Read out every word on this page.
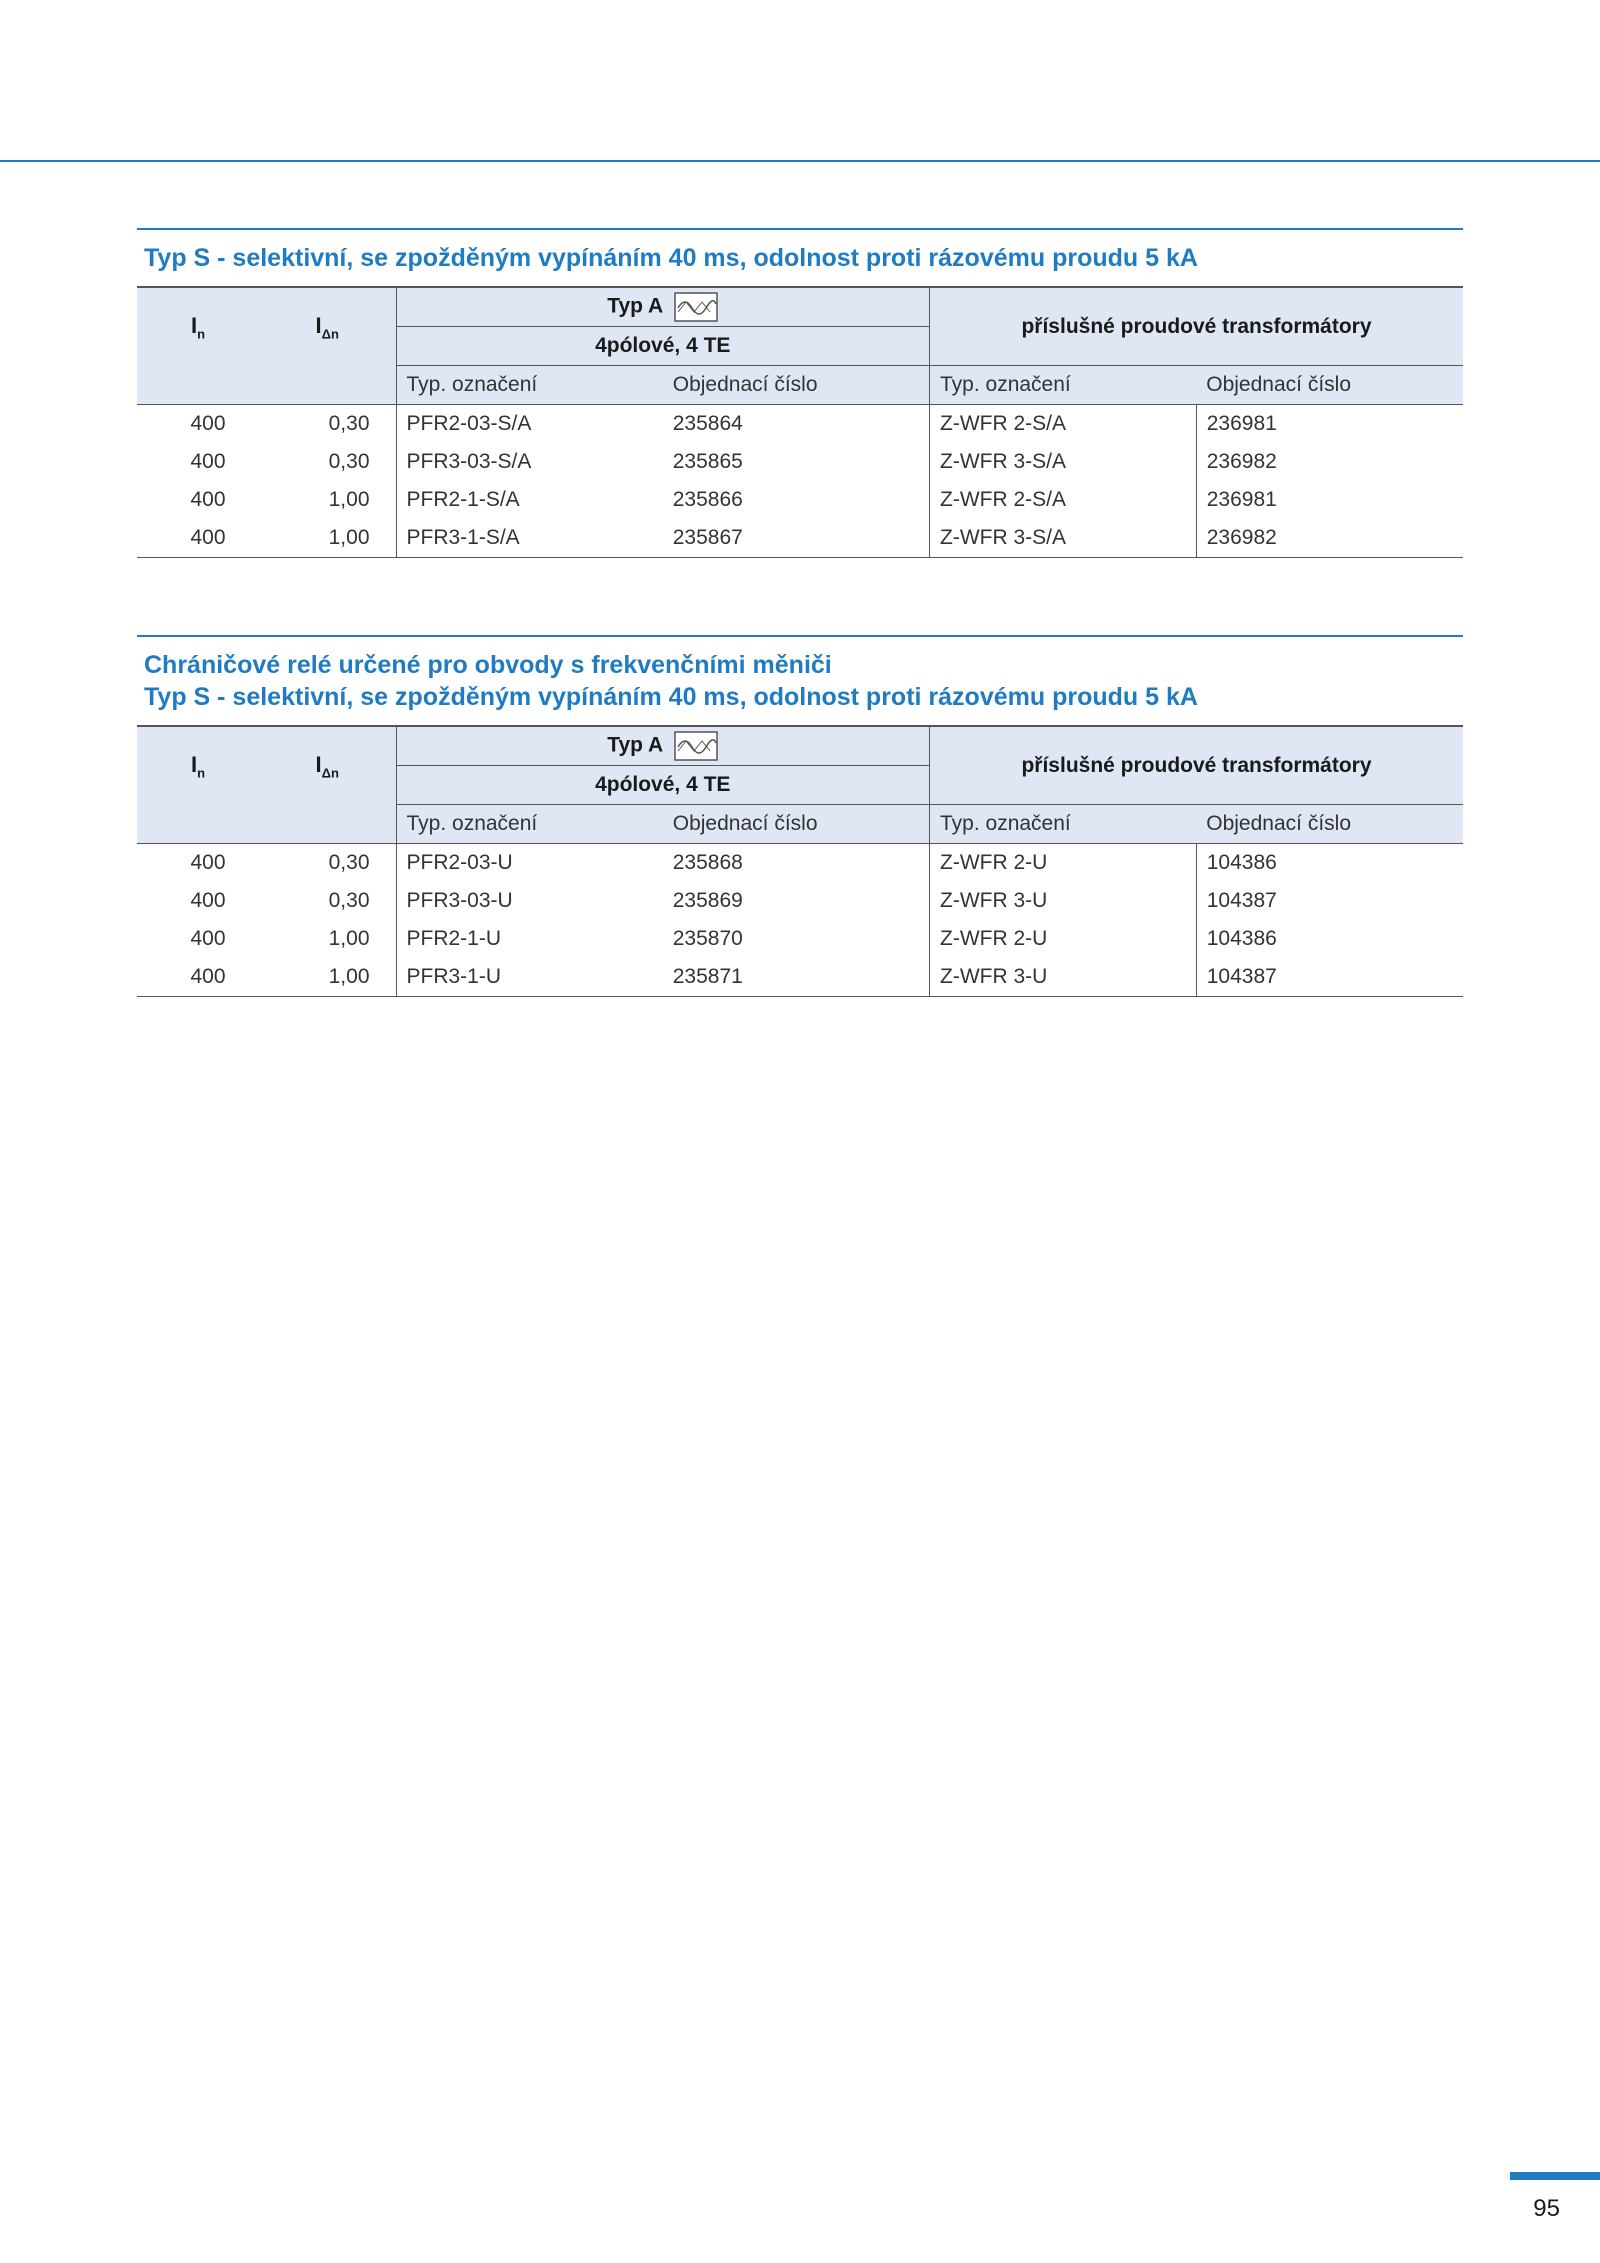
Typ S - selektivní, se zpožděným vypínáním 40 ms, odolnost proti rázovému proudu 5 kA
$I_n$	$I_{\Delta n}$	Typ A		příslušné proudové transformátory	
		4pólové, 4 TE			
		Typ. označení	Objednací číslo	Typ. označení	Objednací číslo
400	0,30	PFR2-03-S/A	235864	Z-WFR 2-S/A	236981
400	0,30	PFR3-03-S/A	235865	Z-WFR 3-S/A	236982
400	1,00	PFR2-1-S/A	235866	Z-WFR 2-S/A	236981
400	1,00	PFR3-1-S/A	235867	Z-WFR 3-S/A	236982
Chráničové relé určené pro obvody s frekvenčními měniči
Typ S - selektivní, se zpožděným vypínáním 40 ms, odolnost proti rázovému proudu 5 kA
$I_n$	$I_{\Delta n}$	Typ A		příslušné proudové transformátory	
		4pólové, 4 TE			
		Typ. označení	Objednací číslo	Typ. označení	Objednací číslo
400	0,30	PFR2-03-U	235868	Z-WFR 2-U	104386
400	0,30	PFR3-03-U	235869	Z-WFR 3-U	104387
400	1,00	PFR2-1-U	235870	Z-WFR 2-U	104386
400	1,00	PFR3-1-U	235871	Z-WFR 3-U	104387
95
